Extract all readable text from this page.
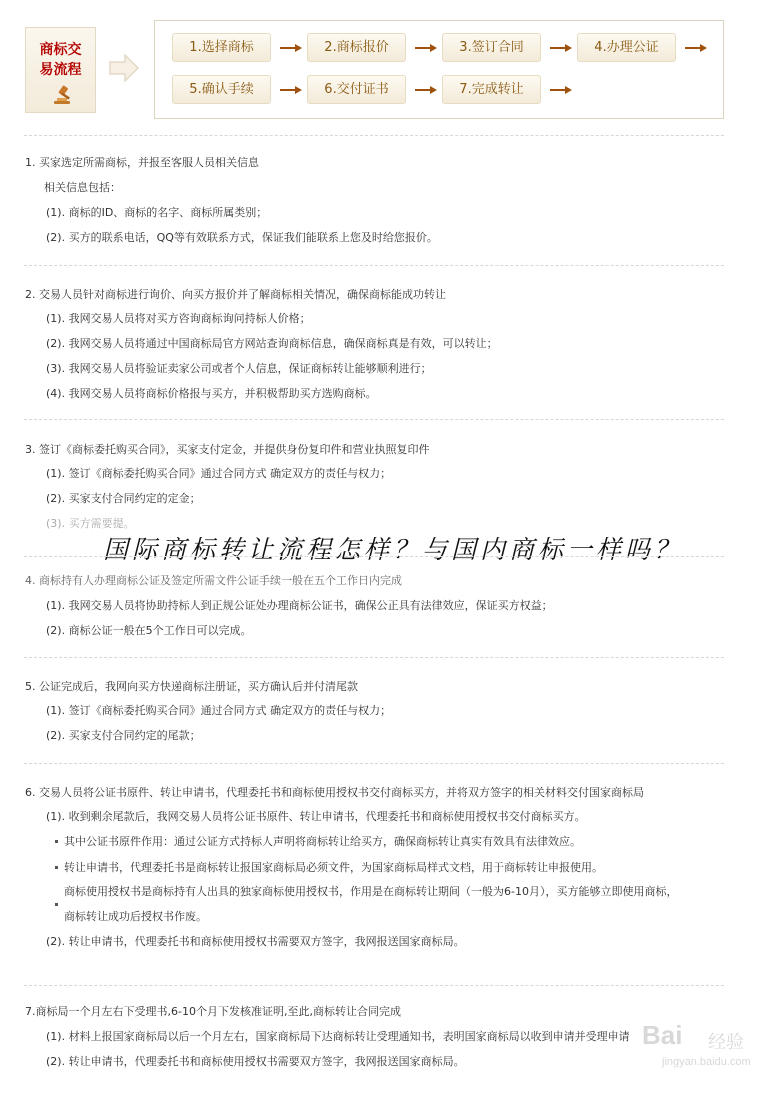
商标交
易流程
1.选择商标	2.商标报价	3.签订合同	4.办理公证
5.确认手续	6.交付证书	7.完成转让
1. 买家选定所需商标，并报至客服人员相关信息
相关信息包括：
(1). 商标的ID、商标的名字、商标所属类别；
(2). 买方的联系电话，QQ等有效联系方式，保证我们能联系上您及时给您报价。
2. 交易人员针对商标进行询价、向买方报价并了解商标相关情况，确保商标能成功转让
(1). 我网交易人员将对买方咨询商标询问持标人价格；
(2). 我网交易人员将通过中国商标局官方网站查询商标信息，确保商标真是有效，可以转让；
(3). 我网交易人员将验证卖家公司或者个人信息，保证商标转让能够顺利进行；
(4). 我网交易人员将商标价格报与买方，并积极帮助买方选购商标。
3. 签订《商标委托购买合同》，买家支付定金，并提供身份复印件和营业执照复印件
(1). 签订《商标委托购买合同》通过合同方式 确定双方的责任与权力；
(2). 买家支付合同约定的定金；
(3). 买方需要提。
国际商标转让流程怎样？与国内商标一样吗？
4. 商标持有人办理商标公证及签定所需文件公证手续一般在五个工作日内完成
(1). 我网交易人员将协助持标人到正规公证处办理商标公证书，确保公正具有法律效应，保证买方权益；
(2). 商标公证一般在5个工作日可以完成。
5. 公证完成后，我网向买方快递商标注册证，买方确认后并付清尾款
(1). 签订《商标委托购买合同》通过合同方式 确定双方的责任与权力；
(2). 买家支付合同约定的尾款；
6. 交易人员将公证书原件、转让申请书，代理委托书和商标使用授权书交付商标买方，并将双方签字的相关材料交付国家商标局
(1). 收到剩余尾款后，我网交易人员将公证书原件、转让申请书，代理委托书和商标使用授权书交付商标买方。
其中公证书原件作用：通过公证方式持标人声明将商标转让给买方，确保商标转让真实有效具有法律效应。
转让申请书，代理委托书是商标转让报国家商标局必须文件，为国家商标局样式文档，用于商标转让申报使用。
商标使用授权书是商标持有人出具的独家商标使用授权书，作用是在商标转让期间（一般为6-10月），买方能够立即使用商标，
商标转让成功后授权书作废。
(2). 转让申请书，代理委托书和商标使用授权书需要双方签字，我网报送国家商标局。
7.商标局一个月左右下受理书,6-10个月下发核准证明,至此,商标转让合同完成
(1). 材料上报国家商标局以后一个月左右，国家商标局下达商标转让受理通知书，表明国家商标局以收到申请并受理申请
(2). 转让申请书，代理委托书和商标使用授权书需要双方签字，我网报送国家商标局。
Bai 经验
jingyan.baidu.com
